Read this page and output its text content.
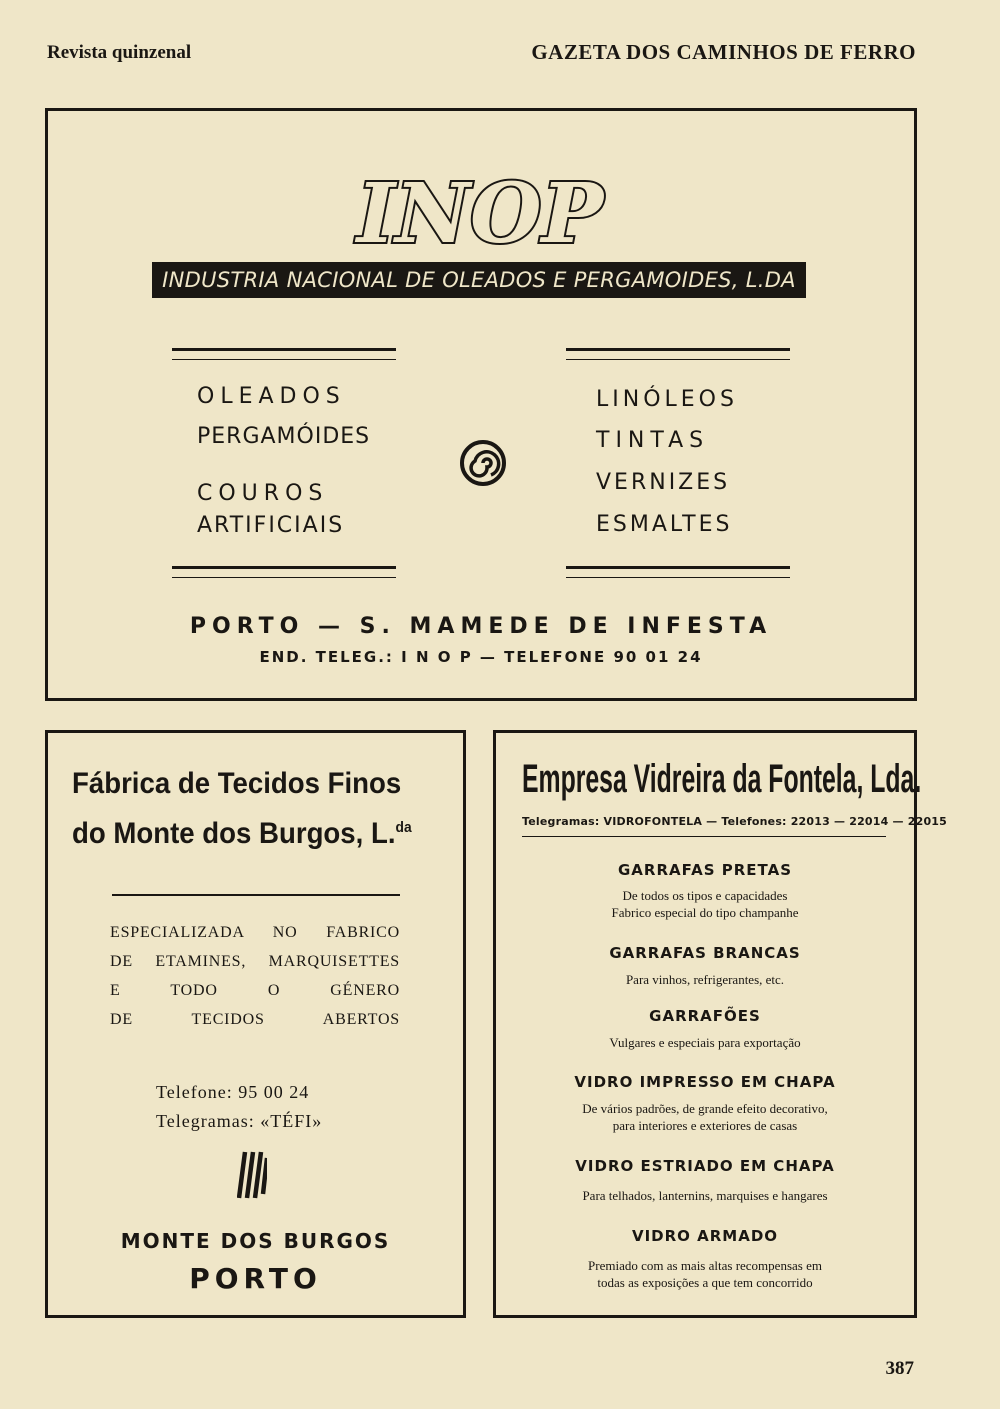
Revista quinzenal	GAZETA DOS CAMINHOS DE FERRO
INOP
INDUSTRIA NACIONAL DE OLEADOS E PERGAMOIDES, L.DA
OLEADOS
PERGAMÓIDES
COUROS
ARTIFICIAIS
LINÓLEOS
TINTAS
VERNIZES
ESMALTES
PORTO — S. MAMEDE DE INFESTA
END. TELEG.: I N O P — TELEFONE 90 01 24
Fábrica de Tecidos Finos
do Monte dos Burgos, L.$^{da}$
ESPECIALIZADA NO FABRICO
DE ETAMINES, MARQUISETTES
E TODO O GÉNERO
DE TECIDOS ABERTOS
Telefone: 95 00 24
Telegramas: «TÉFI»
MONTE DOS BURGOS
PORTO
Empresa Vidreira da Fontela, Lda.
Telegramas: VIDROFONTELA — Telefones: 22013 — 22014 — 22015
GARRAFAS PRETAS
De todos os tipos e capacidades
Fabrico especial do tipo champanhe
GARRAFAS BRANCAS
Para vinhos, refrigerantes, etc.
GARRAFÕES
Vulgares e especiais para exportação
VIDRO IMPRESSO EM CHAPA
De vários padrões, de grande efeito decorativo,
para interiores e exteriores de casas
VIDRO ESTRIADO EM CHAPA
Para telhados, lanternins, marquises e hangares
VIDRO ARMADO
Premiado com as mais altas recompensas em
todas as exposições a que tem concorrido
387
